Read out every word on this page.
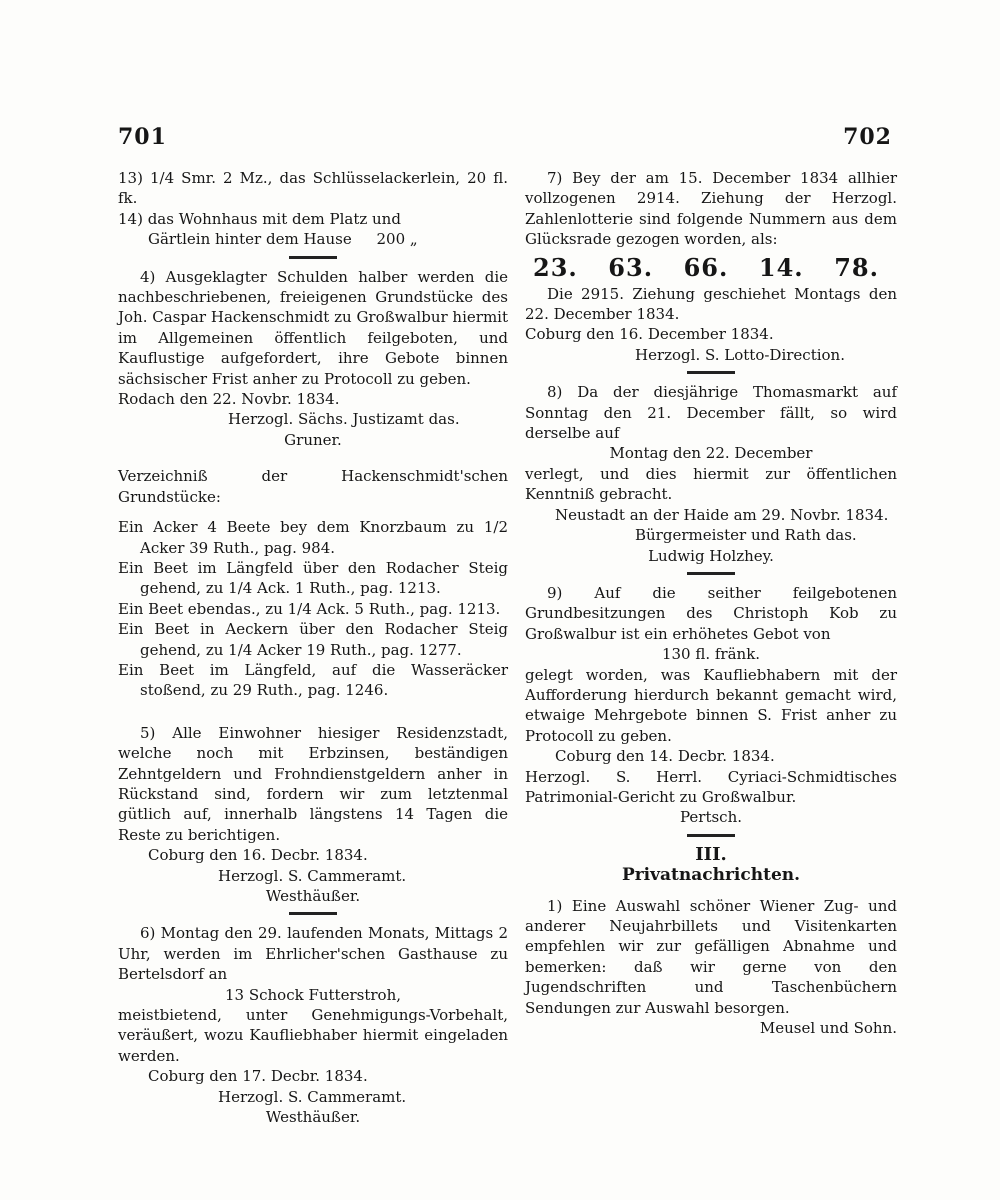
701	702

13) 1/4 Smr. 2 Mz., das Schlüsselackerlein, 20 fl. fk.

14) das Wohnhaus mit dem Platz und

Gärtlein hinter dem Hause 200 „

4) Ausgeklagter Schulden halber werden die nachbeschriebenen, freieigenen Grundstücke des Joh. Caspar Hackenschmidt zu Großwalbur hiermit im Allgemeinen öffentlich feilgeboten, und Kauflustige aufgefordert, ihre Gebote binnen sächsischer Frist anher zu Protocoll zu geben.

Rodach den 22. Novbr. 1834.

Herzogl. Sächs. Justizamt das.

Gruner.

Verzeichniß der Hackenschmidt'schen Grundstücke:

Ein Acker 4 Beete bey dem Knorzbaum zu 1/2 Acker 39 Ruth., pag. 984.

Ein Beet im Längfeld über den Rodacher Steig gehend, zu 1/4 Ack. 1 Ruth., pag. 1213.

Ein Beet ebendas., zu 1/4 Ack. 5 Ruth., pag. 1213.

Ein Beet in Aeckern über den Rodacher Steig gehend, zu 1/4 Acker 19 Ruth., pag. 1277.

Ein Beet im Längfeld, auf die Wasseräcker stoßend, zu 29 Ruth., pag. 1246.

5) Alle Einwohner hiesiger Residenzstadt, welche noch mit Erbzinsen, beständigen Zehntgeldern und Frohndienstgeldern anher in Rückstand sind, fordern wir zum letztenmal gütlich auf, innerhalb längstens 14 Tagen die Reste zu berichtigen.

Coburg den 16. Decbr. 1834.

Herzogl. S. Cammeramt.

Westhäußer.

6) Montag den 29. laufenden Monats, Mittags 2 Uhr, werden im Ehrlicher'schen Gasthause zu Bertelsdorf an

13 Schock Futterstroh,

meistbietend, unter Genehmigungs-Vorbehalt, veräußert, wozu Kaufliebhaber hiermit eingeladen werden.

Coburg den 17. Decbr. 1834.

Herzogl. S. Cammeramt.

Westhäußer.

7) Bey der am 15. December 1834 allhier vollzogenen 2914. Ziehung der Herzogl. Zahlenlotterie sind folgende Nummern aus dem Glücksrade gezogen worden, als:

23. 63. 66. 14. 78.

Die 2915. Ziehung geschiehet Montags den 22. December 1834.

Coburg den 16. December 1834.

Herzogl. S. Lotto-Direction.

8) Da der diesjährige Thomasmarkt auf Sonntag den 21. December fällt, so wird derselbe auf

Montag den 22. December

verlegt, und dies hiermit zur öffentlichen Kenntniß gebracht.

Neustadt an der Haide am 29. Novbr. 1834.

Bürgermeister und Rath das.

Ludwig Holzhey.

9) Auf die seither feilgebotenen Grundbesitzungen des Christoph Kob zu Großwalbur ist ein erhöhetes Gebot von

130 fl. fränk.

gelegt worden, was Kaufliebhabern mit der Aufforderung hierdurch bekannt gemacht wird, etwaige Mehrgebote binnen S. Frist anher zu Protocoll zu geben.

Coburg den 14. Decbr. 1834.

Herzogl. S. Herrl. Cyriaci-Schmidtisches Patrimonial-Gericht zu Großwalbur.

Pertsch.

III.

Privatnachrichten.

1) Eine Auswahl schöner Wiener Zug- und anderer Neujahrbillets und Visitenkarten empfehlen wir zur gefälligen Abnahme und bemerken: daß wir gerne von den Jugendschriften und Taschenbüchern Sendungen zur Auswahl besorgen.

Meusel und Sohn.
